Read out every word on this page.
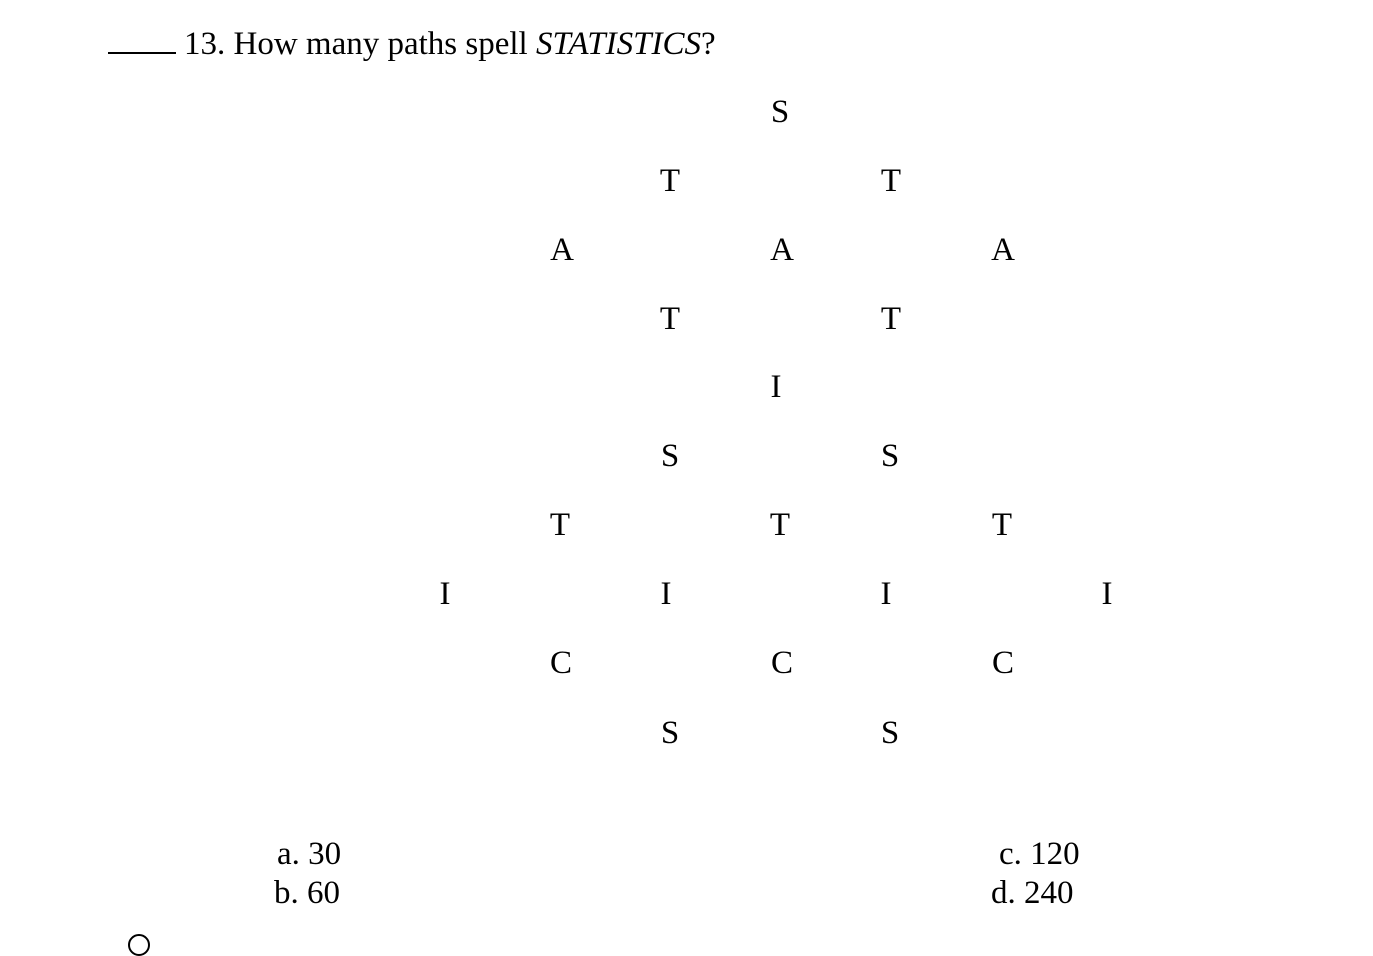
13. How many paths spell STATISTICS?
S
T	T
A	A	A
T	T
I
S	S
T	T	T
I	I	I	I
C	C	C
S	S
a. 30
b. 60
c. 120
d. 240
